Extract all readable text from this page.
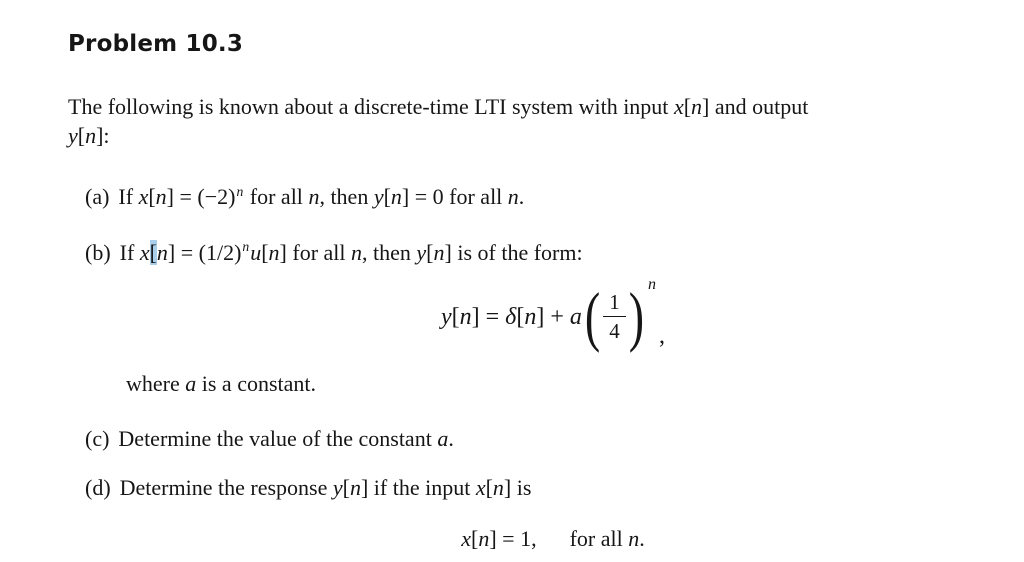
Problem 10.3
The following is known about a discrete-time LTI system with input x[n] and output
y[n]:
(a) If $x[n] = (-2)^n$ for all n, then y[n] = 0 for all n.
(b) If $x[n] = (1/2)^nu[n]$ for all n, then y[n] is of the form:
y[n] = δ[n] + a ( $\frac{1}{4}$ ) n
,
where a is a constant.
(c) Determine the value of the constant a.
(d) Determine the response y[n] if the input x[n] is
x[n] = 1,   for all n.
